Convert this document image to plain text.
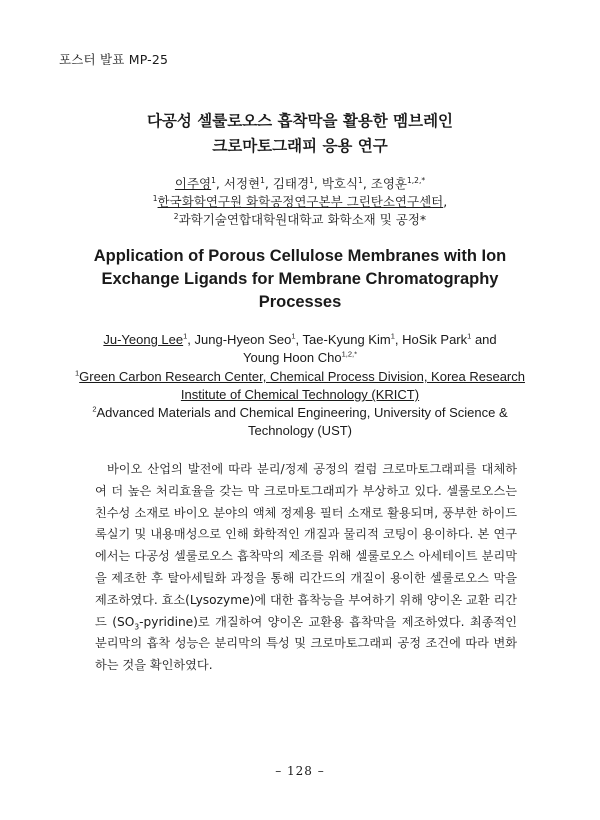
포스터 발표 MP-25
다공성 셀룰로오스 흡착막을 활용한 멤브레인
크로마토그래피 응용 연구
이주영$^1$, 서정현$^1$, 김태경$^1$, 박호식$^1$, 조영훈$^{1,2,*}$
$^1$한국화학연구원 화학공정연구본부 그린탄소연구센터,
$^2$과학기술연합대학원대학교 화학소재 및 공정*
Application of Porous Cellulose Membranes with Ion
Exchange Ligands for Membrane Chromatography
Processes
Ju-Yeong Lee$^1$, Jung-Hyeon Seo$^1$, Tae-Kyung Kim$^1$, HoSik Park$^1$ and
Young Hoon Cho$^{1,2,*}$
$^1$Green Carbon Research Center, Chemical Process Division, Korea Research
Institute of Chemical Technology (KRICT)
$^2$Advanced Materials and Chemical Engineering, University of Science &
Technology (UST)
바이오 산업의 발전에 따라 분리/정제 공정의 컬럼 크로마토그래피를 대체하여 더 높은 처리효율을 갖는 막 크로마토그래피가 부상하고 있다. 셀룰로오스는 친수성 소재로 바이오 분야의 액체 정제용 필터 소재로 활용되며, 풍부한 하이드록실기 및 내용매성으로 인해 화학적인 개질과 물리적 코팅이 용이하다. 본 연구에서는 다공성 셀룰로오스 흡착막의 제조를 위해 셀룰로오스 아세테이트 분리막을 제조한 후 탈아세틸화 과정을 통해 리간드의 개질이 용이한 셀룰로오스 막을 제조하였다. 효소(Lysozyme)에 대한 흡착능을 부여하기 위해 양이온 교환 리간드 $(SO_3-pyridine)$로 개질하여 양이온 교환용 흡착막을 제조하였다. 최종적인 분리막의 흡착 성능은 분리막의 특성 및 크로마토그래피 공정 조건에 따라 변화하는 것을 확인하였다.
– 128 –
